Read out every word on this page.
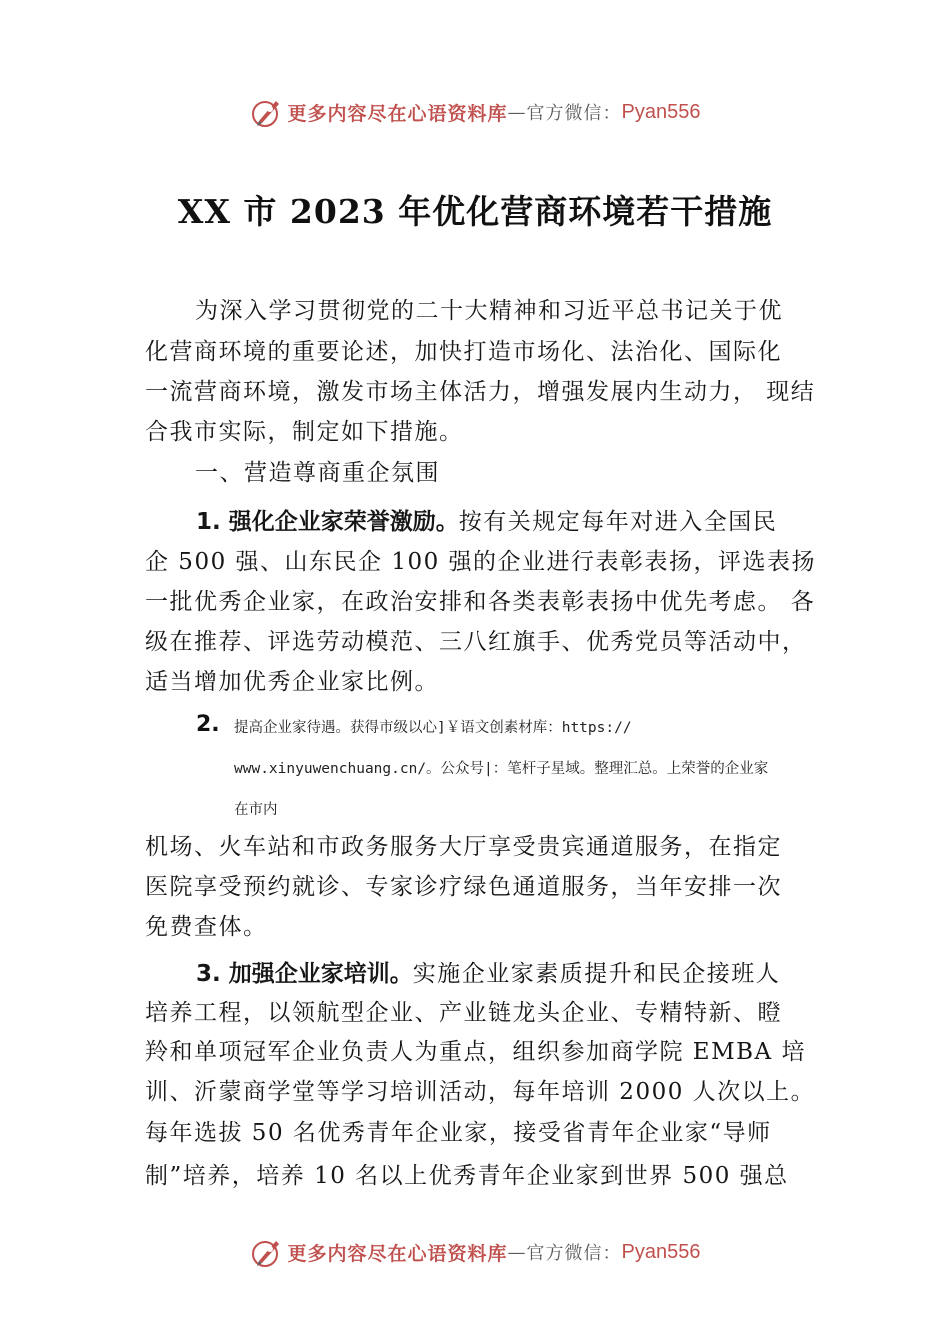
更多内容尽在心语资料库 — 官方微信： Pyan556
XX 市 2023 年优化营商环境若干措施
为深入学习贯彻党的二十大精神和习近平总书记关于优
化营商环境的重要论述，加快打造市场化、法治化、国际化
一流营商环境，激发市场主体活力，增强发展内生动力， 现结
合我市实际，制定如下措施。
一、营造尊商重企氛围
1. 强化企业家荣誉激励。按有关规定每年对进入全国民
企 500 强、山东民企 100 强的企业进行表彰表扬，评选表扬
一批优秀企业家，在政治安排和各类表彰表扬中优先考虑。 各
级在推荐、评选劳动模范、三八红旗手、优秀党员等活动中，
适当增加优秀企业家比例。
2. 提高企业家待遇。获得市级以心]￥语文创素材库：https://
www.xinyuwenchuang.cn/。公众号|：笔杆子星域。整理汇总。上荣誉的企业家
在市内
机场、火车站和市政务服务大厅享受贵宾通道服务，在指定
医院享受预约就诊、专家诊疗绿色通道服务，当年安排一次
免费查体。
3. 加强企业家培训。实施企业家素质提升和民企接班人
培养工程，以领航型企业、产业链龙头企业、专精特新、瞪
羚和单项冠军企业负责人为重点，组织参加商学院 EMBA 培
训、沂蒙商学堂等学习培训活动，每年培训 2000 人次以上。
每年选拔 50 名优秀青年企业家，接受省青年企业家“导师
制”培养，培养 10 名以上优秀青年企业家到世界 500 强总
更多内容尽在心语资料库 — 官方微信： Pyan556
